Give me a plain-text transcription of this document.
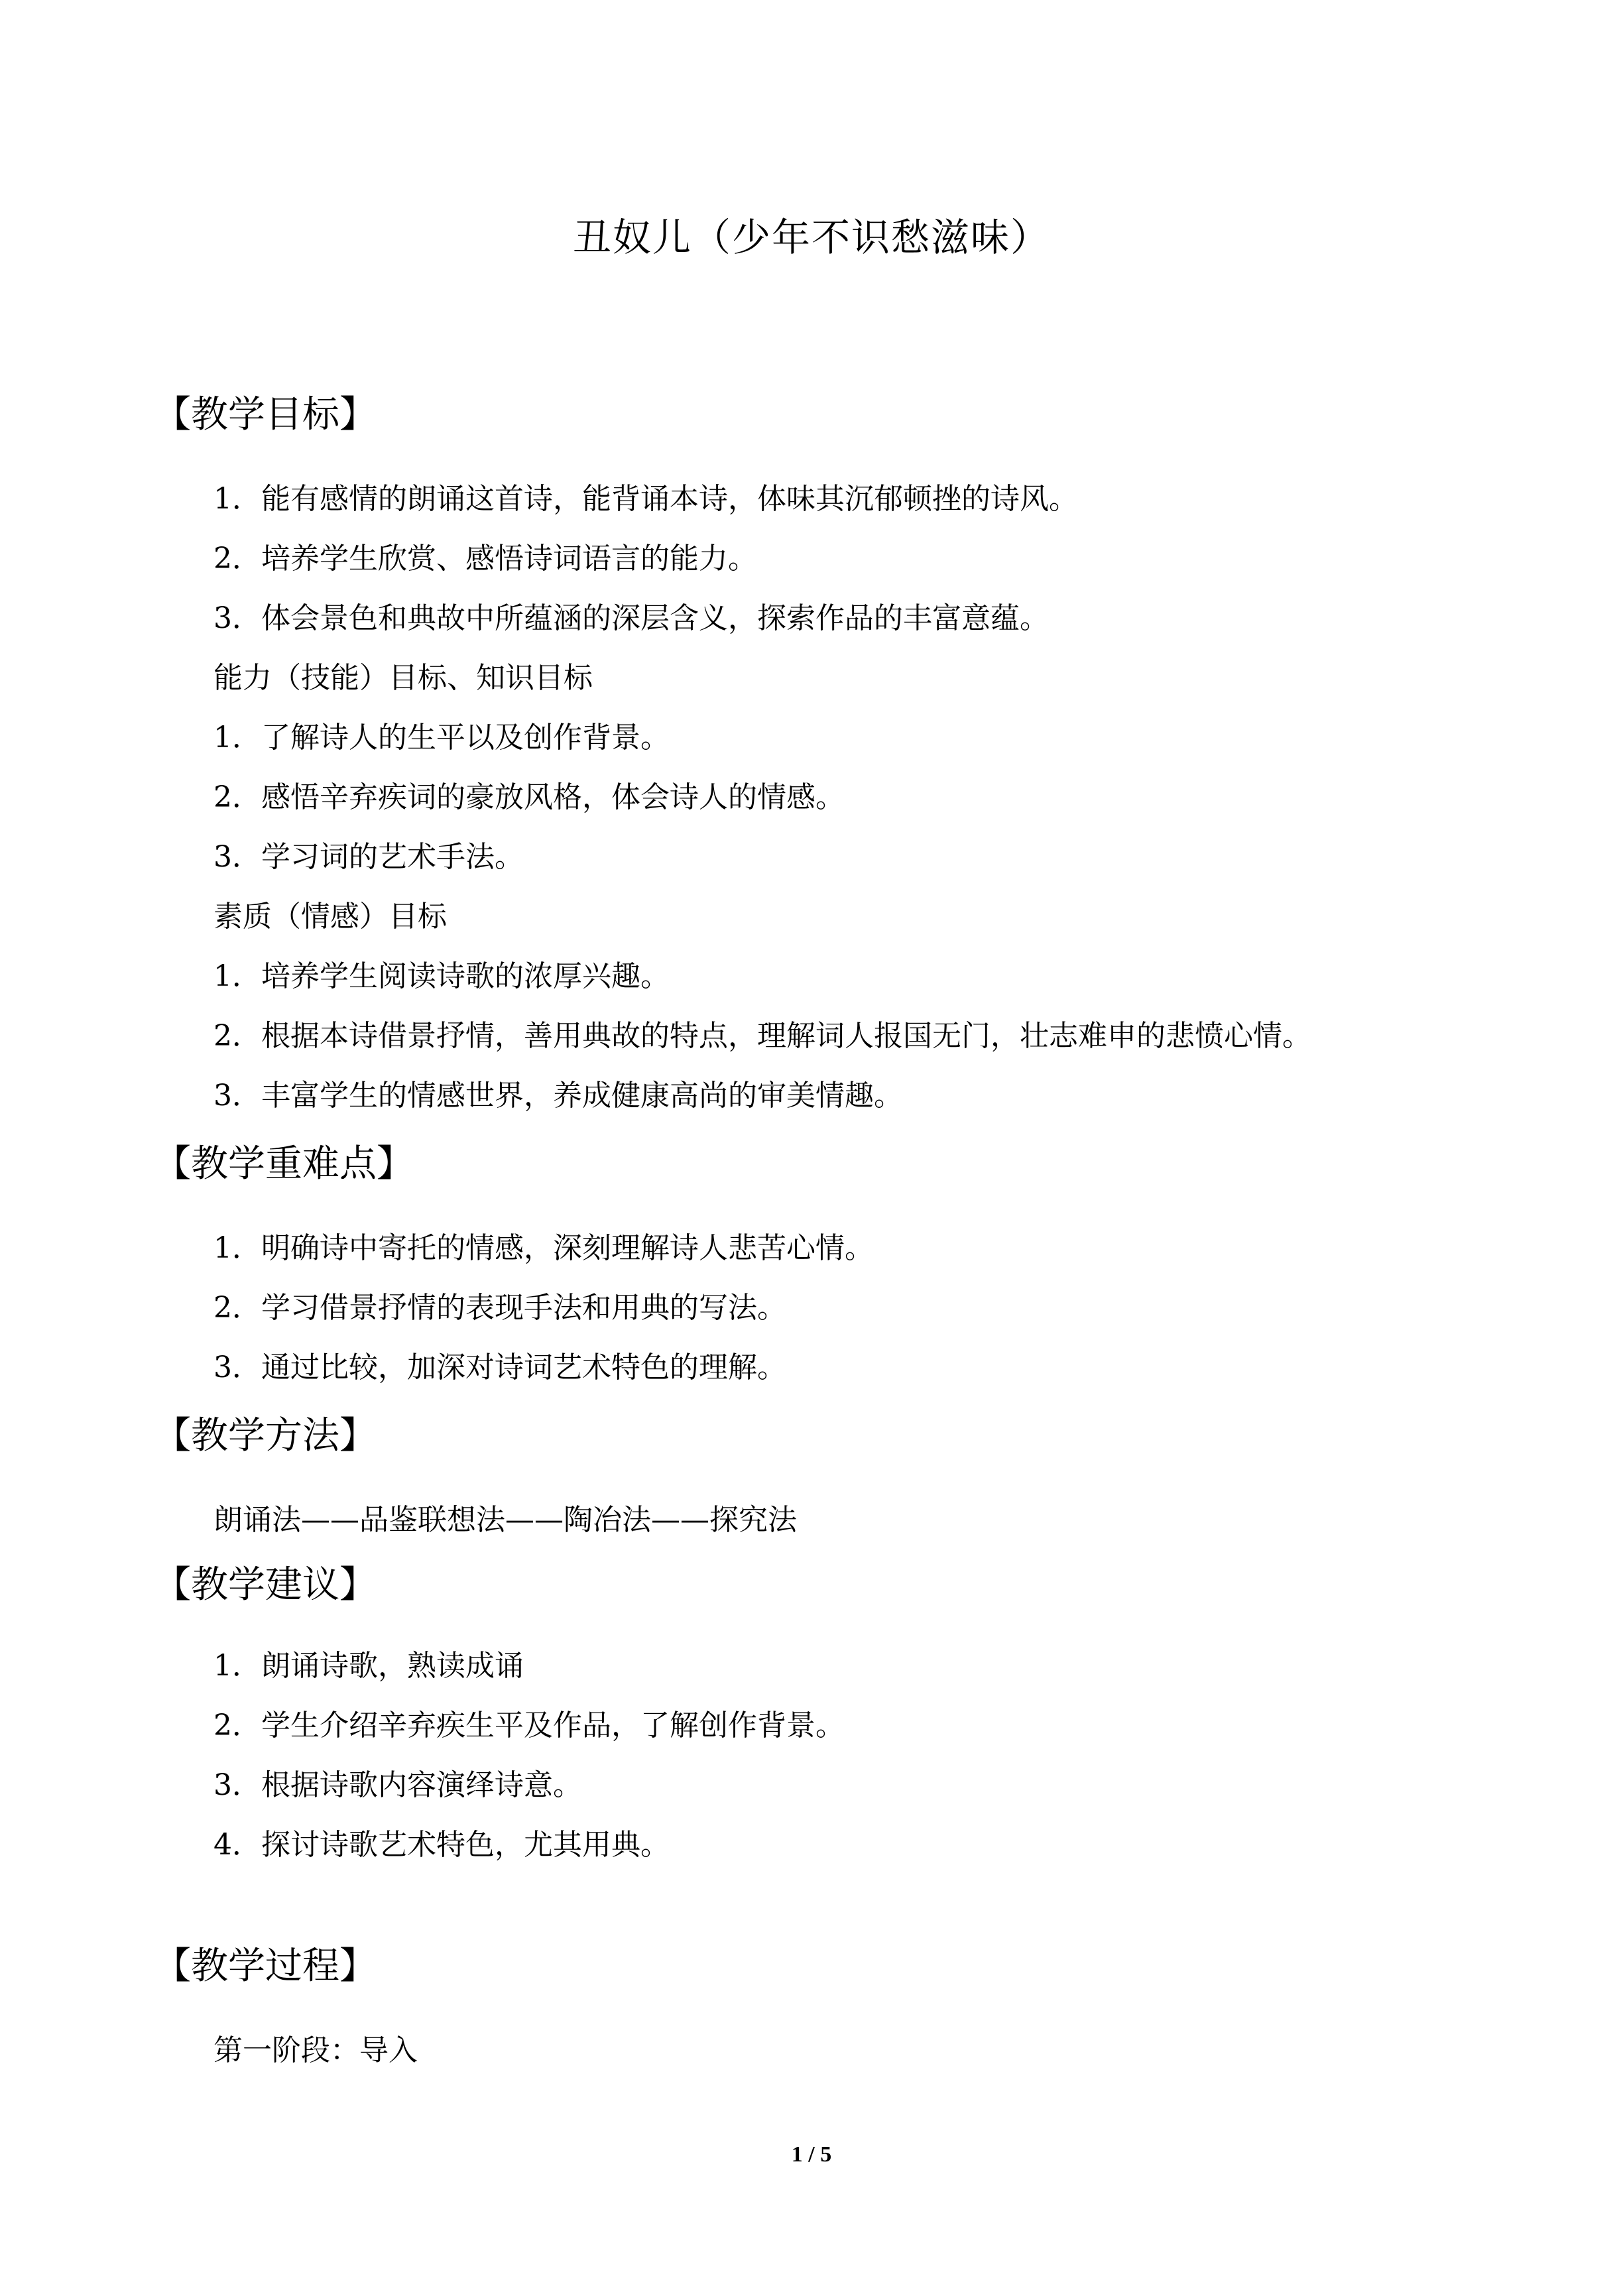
丑奴儿（少年不识愁滋味）
【教学目标】
1．能有感情的朗诵这首诗，能背诵本诗，体味其沉郁顿挫的诗风。
2．培养学生欣赏、感悟诗词语言的能力。
3．体会景色和典故中所蕴涵的深层含义，探索作品的丰富意蕴。
能力（技能）目标、知识目标
1．了解诗人的生平以及创作背景。
2．感悟辛弃疾词的豪放风格，体会诗人的情感。
3．学习词的艺术手法。
素质（情感）目标
1．培养学生阅读诗歌的浓厚兴趣。
2．根据本诗借景抒情，善用典故的特点，理解词人报国无门，壮志难申的悲愤心情。
3．丰富学生的情感世界，养成健康高尚的审美情趣。
【教学重难点】
1．明确诗中寄托的情感，深刻理解诗人悲苦心情。
2．学习借景抒情的表现手法和用典的写法。
3．通过比较，加深对诗词艺术特色的理解。
【教学方法】
朗诵法——品鉴联想法——陶冶法——探究法
【教学建议】
1．朗诵诗歌，熟读成诵
2．学生介绍辛弃疾生平及作品，了解创作背景。
3．根据诗歌内容演绎诗意。
4．探讨诗歌艺术特色，尤其用典。
【教学过程】
第一阶段：导入
1 / 5
